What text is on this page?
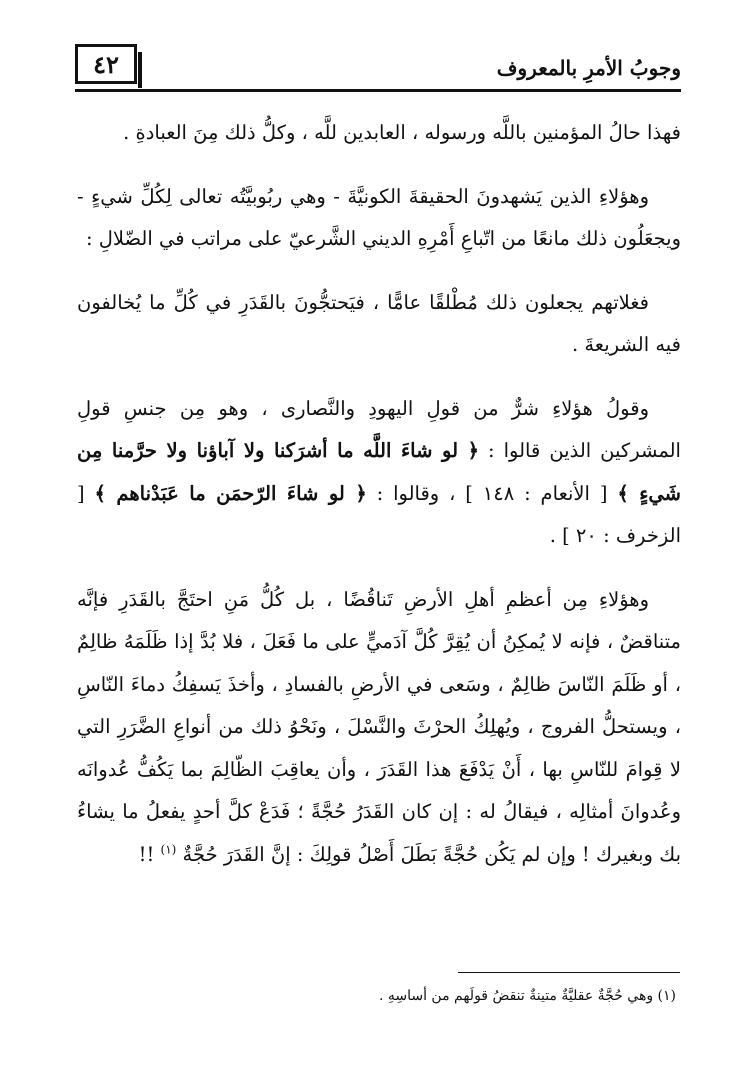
٤٢	وجوبُ الأمرِ بالمعروف

فهذا حالُ المؤمنين باللَّه ورسوله ، العابدين للَّه ، وكلُّ ذلك مِنَ العبادةِ .

وهؤلاءِ الذين يَشهدونَ الحقيقةَ الكونيَّةَ - وهي ربُوبيَّتُه تعالى لِكُلِّ شيءٍ - ويجعَلُون ذلك مانعًا من اتّباعِ أَمْرِهِ الديني الشَّرعيّ على مراتب في الضّلالِ :

فغلاتهم يجعلون ذلك مُطْلقًا عامًّا ، فيَحتجُّونَ بالقَدَرِ في كُلِّ ما يُخالفون فيه الشريعةَ .

وقولُ هؤلاءِ شرٌّ من قولِ اليهودِ والنَّصارى ، وهو مِن جنسِ قولِ المشركين الذين قالوا : ﴿ لو شاءَ اللَّه ما أشرَكنا ولا آباؤنا ولا حرَّمنا مِن شَيءٍ ﴾ [ الأنعام : ١٤٨ ] ، وقالوا : ﴿ لو شاءَ الرّحمَن ما عَبَدْناهم ﴾ [ الزخرف : ٢٠ ] .

وهؤلاءِ مِن أعظمِ أهلِ الأرضِ تَناقُضًا ، بل كُلُّ مَنِ احتَجَّ بالقَدَرِ فإنَّه متناقضٌ ، فإنه لا يُمكِنُ أن يُقِرَّ كُلَّ آدَميٍّ على ما فَعَلَ ، فلا بُدَّ إذا ظَلَمَهُ ظالِمٌ ، أو ظَلَمَ النّاسَ ظالِمٌ ، وسَعى في الأرضِ بالفسادِ ، وأخذَ يَسفِكُ دماءَ النّاسِ ، ويستحلُّ الفروج ، ويُهلِكُ الحرْثَ والنَّسْلَ ، ونَحْوُ ذلك من أنواعِ الضَّرَرِ التي لا قِوامَ للنّاسِ بها ، أَنْ يَدْفَعَ هذا القَدَرَ ، وأن يعاقِبَ الظّالِمَ بما يَكُفُّ عُدوانَه وعُدوانَ أمثالِه ، فيقالُ له : إن كان القَدَرُ حُجَّةً ؛ فَدَعْ كلَّ أحدٍ يفعلُ ما يشاءُ بك وبغيرك ! وإن لم يَكُن حُجَّةً بَطَلَ أَصْلُ قولِكَ : إنَّ القَدَرَ حُجَّةٌ $^{(١)}$ !!

(١) وهي حُجَّةٌ عقليَّةٌ متينةٌ تنقضُ قولَهم من أساسِهِ .
